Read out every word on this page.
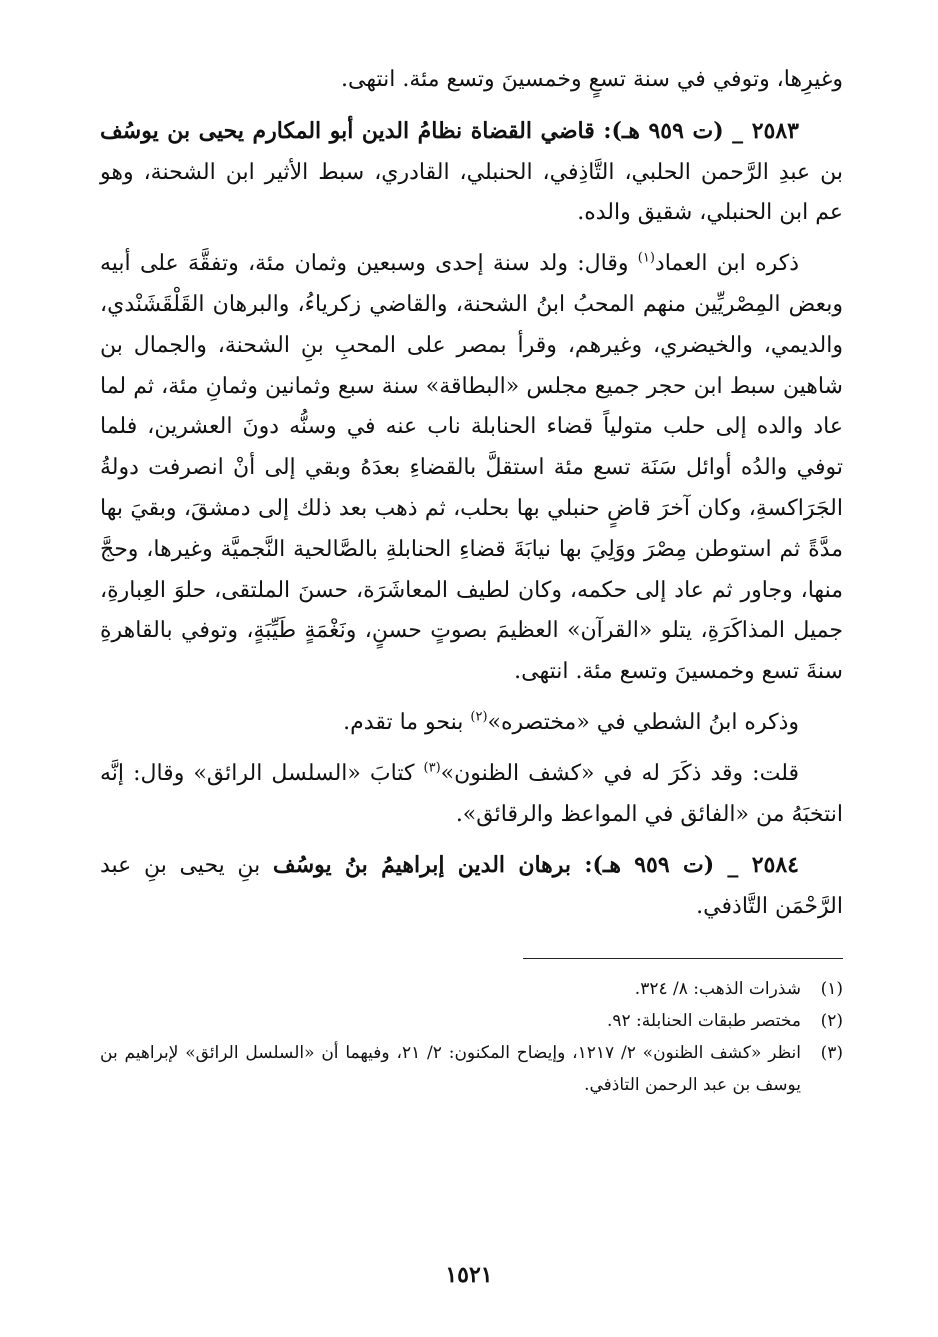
وغيرِها، وتوفي في سنة تسعٍ وخمسينَ وتسع مئة. انتهى.

٢٥٨٣ _ (ت ٩٥٩ هـ): قاضي القضاة نظامُ الدين أبو المكارم يحيى بن يوسُف بن عبدِ الرَّحمن الحلبي، التَّاذِفي، الحنبلي، القادري، سبط الأثير ابن الشحنة، وهو عم ابن الحنبلي، شقيق والده.

ذكره ابن العماد$^{(١)}$ وقال: ولد سنة إحدى وسبعين وثمان مئة، وتفقَّهَ على أبيه وبعض المِصْريِّين منهم المحبُ ابنُ الشحنة، والقاضي زكرياءُ، والبرهان القَلْقَشَنْدي، والديمي، والخيضري، وغيرهم، وقرأ بمصر على المحبِ بنِ الشحنة، والجمال بن شاهين سبط ابن حجر جميع مجلس «البطاقة» سنة سبع وثمانين وثمانِ مئة، ثم لما عاد والده إلى حلب متولياً قضاء الحنابلة ناب عنه في وسنُّه دونَ العشرين، فلما توفي والدُه أوائل سَنَة تسع مئة استقلَّ بالقضاءِ بعدَهُ وبقي إلى أنْ انصرفت دولةُ الجَرَاكسةِ، وكان آخرَ قاضٍ حنبلي بها بحلب، ثم ذهب بعد ذلك إلى دمشقَ، وبقيَ بها مدَّةً ثم استوطن مِصْرَ ووَلِيَ بها نيابَةَ قضاءِ الحنابلةِ بالصَّالحية النَّجميَّة وغيرها، وحجَّ منها، وجاور ثم عاد إلى حكمه، وكان لطيف المعاشَرَة، حسنَ الملتقى، حلوَ العِبارةِ، جميل المذاكَرَةِ، يتلو «القرآن» العظيمَ بصوتٍ حسنٍ، ونَغْمَةٍ طَيِّبَةٍ، وتوفي بالقاهرةِ سنةَ تسع وخمسينَ وتسع مئة. انتهى.

وذكره ابنُ الشطي في «مختصره»$^{(٢)}$ بنحو ما تقدم.

قلت: وقد ذكَرَ له في «كشف الظنون»$^{(٣)}$ كتابَ «السلسل الرائق» وقال: إنَّه انتخبَهُ من «الفائق في المواعظ والرقائق».

٢٥٨٤ _ (ت ٩٥٩ هـ): برهان الدين إبراهيمُ بنُ يوسُف بنِ يحيى بنِ عبد الرَّحْمَن التَّاذفي.

(١)
شذرات الذهب: ٨/ ٣٢٤.
(٢)
مختصر طبقات الحنابلة: ٩٢.
(٣)
انظر «كشف الظنون» ٢/ ١٢١٧، وإيضاح المكنون: ٢/ ٢١، وفيهما أن «السلسل الرائق» لإبراهيم بن يوسف بن عبد الرحمن التاذفي.
١٥٢١
